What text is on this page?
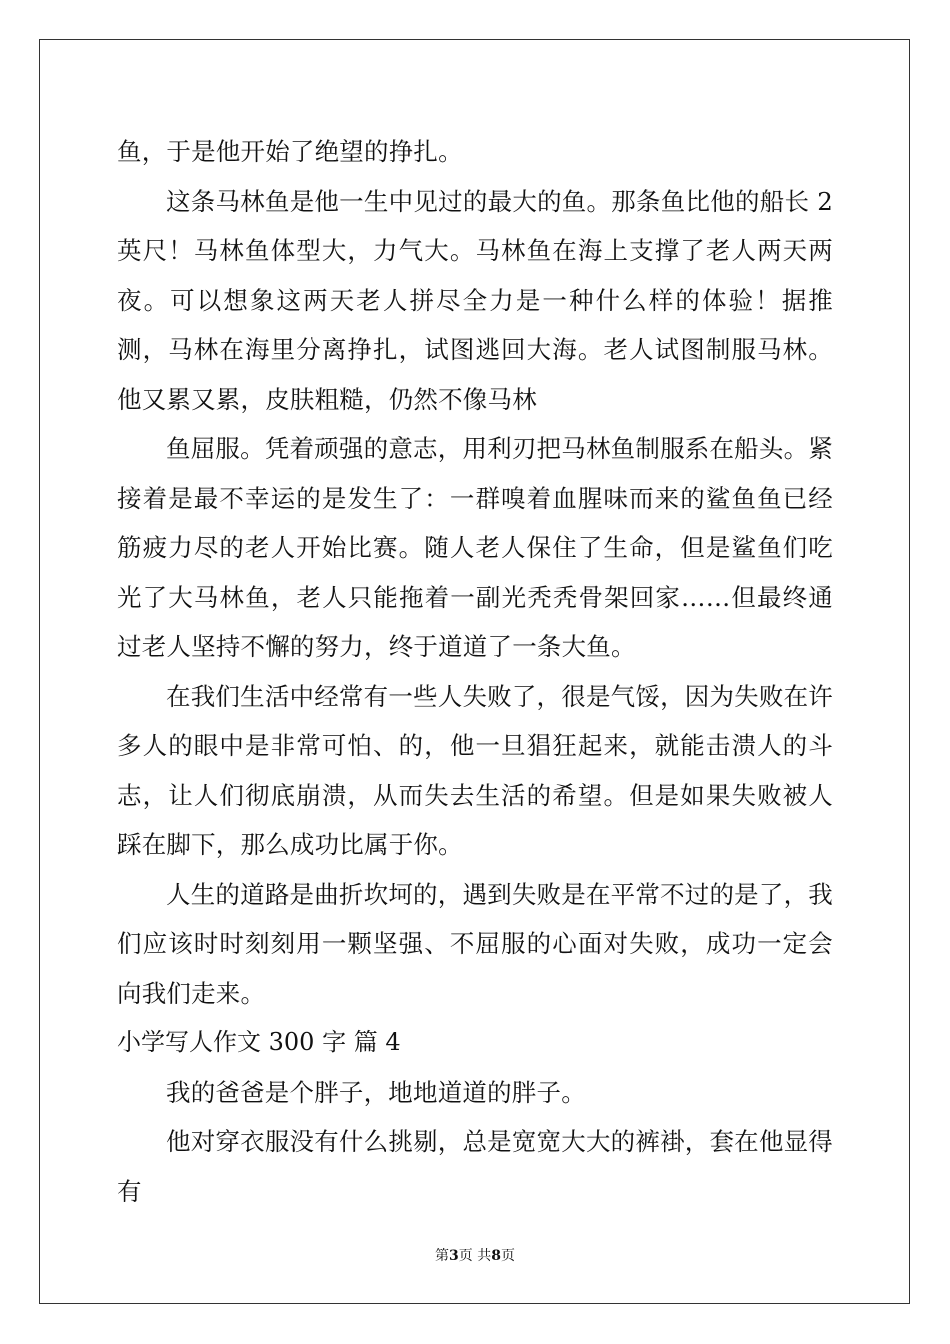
鱼，于是他开始了绝望的挣扎。

这条马林鱼是他一生中见过的最大的鱼。那条鱼比他的船长 2 英尺！马林鱼体型大，力气大。马林鱼在海上支撑了老人两天两夜。可以想象这两天老人拼尽全力是一种什么样的体验！据推测，马林在海里分离挣扎，试图逃回大海。老人试图制服马林。他又累又累，皮肤粗糙，仍然不像马林

鱼屈服。凭着顽强的意志，用利刃把马林鱼制服系在船头。紧接着是最不幸运的是发生了：一群嗅着血腥味而来的鲨鱼鱼已经筋疲力尽的老人开始比赛。随人老人保住了生命，但是鲨鱼们吃光了大马林鱼，老人只能拖着一副光秃秃骨架回家……但最终通过老人坚持不懈的努力，终于道道了一条大鱼。

在我们生活中经常有一些人失败了，很是气馁，因为失败在许多人的眼中是非常可怕、的，他一旦猖狂起来，就能击溃人的斗志，让人们彻底崩溃，从而失去生活的希望。但是如果失败被人踩在脚下，那么成功比属于你。

人生的道路是曲折坎坷的，遇到失败是在平常不过的是了，我们应该时时刻刻用一颗坚强、不屈服的心面对失败，成功一定会向我们走来。

小学写人作文 300 字 篇 4

我的爸爸是个胖子，地地道道的胖子。

他对穿衣服没有什么挑剔，总是宽宽大大的裤褂，套在他显得有

第3页 共8页
